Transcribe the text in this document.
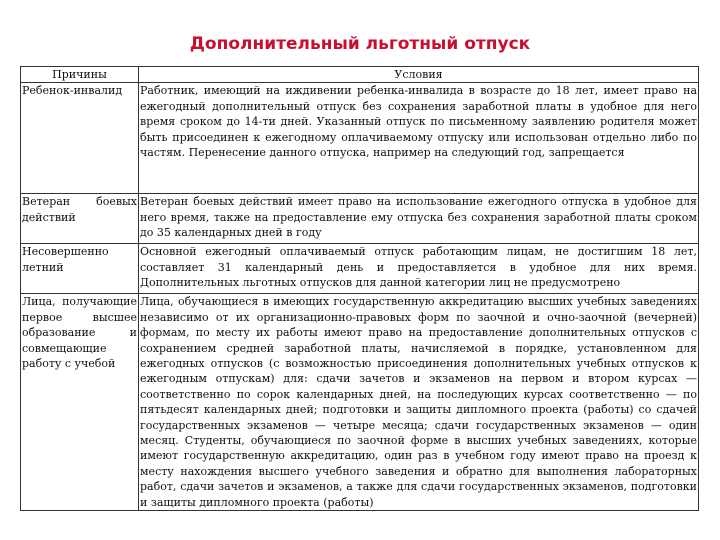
Дополнительный льготный отпуск
Причины	Условия
Ребенок-инвалид	Работник, имеющий на иждивении ребенка-инвалида в возрасте до 18 лет, имеет право на ежегодный дополнительный отпуск без сохранения заработной платы в удобное для него время сроком до 14-ти дней. Указанный отпуск по письменному заявлению родителя может быть присоединен к ежегодному оплачиваемому отпуску или использован отдельно либо по частям. Перенесение данного отпуска, например на следующий год, запрещается
Ветеран боевых действий	Ветеран боевых действий имеет право на использование ежегодного отпуска в удобное для него время, также на предоставление ему отпуска без сохранения заработной платы сроком до 35 календарных дней в году
Несовершенно летний	Основной ежегодный оплачиваемый отпуск работающим лицам, не достигшим 18 лет, составляет 31 календарный день и предоставляется в удобное для них время. Дополнительных льготных отпусков для данной категории лиц не предусмотрено
Лица, получающие первое высшее образование и совмещающие работу с учебой	Лица, обучающиеся в имеющих государственную аккредитацию высших учебных заведениях независимо от их организационно-правовых форм по заочной и очно-заочной (вечерней) формам, по месту их работы имеют право на предоставление дополнительных отпусков с сохранением средней заработной платы, начисляемой в порядке, установленном для ежегодных отпусков (с возможностью присоединения дополнительных учебных отпусков к ежегодным отпускам) для: сдачи зачетов и экзаменов на первом и втором курсах — соответственно по сорок календарных дней, на последующих курсах соответственно — по пятьдесят календарных дней; подготовки и защиты дипломного проекта (работы) со сдачей государственных экзаменов — четыре месяца; сдачи государственных экзаменов — один месяц. Студенты, обучающиеся по заочной форме в высших учебных заведениях, которые имеют государственную аккредитацию, один раз в учебном году имеют право на проезд к месту нахождения высшего учебного заведения и обратно для выполнения лабораторных работ, сдачи зачетов и экзаменов, а также для сдачи государственных экзаменов, подготовки и защиты дипломного проекта (работы)
